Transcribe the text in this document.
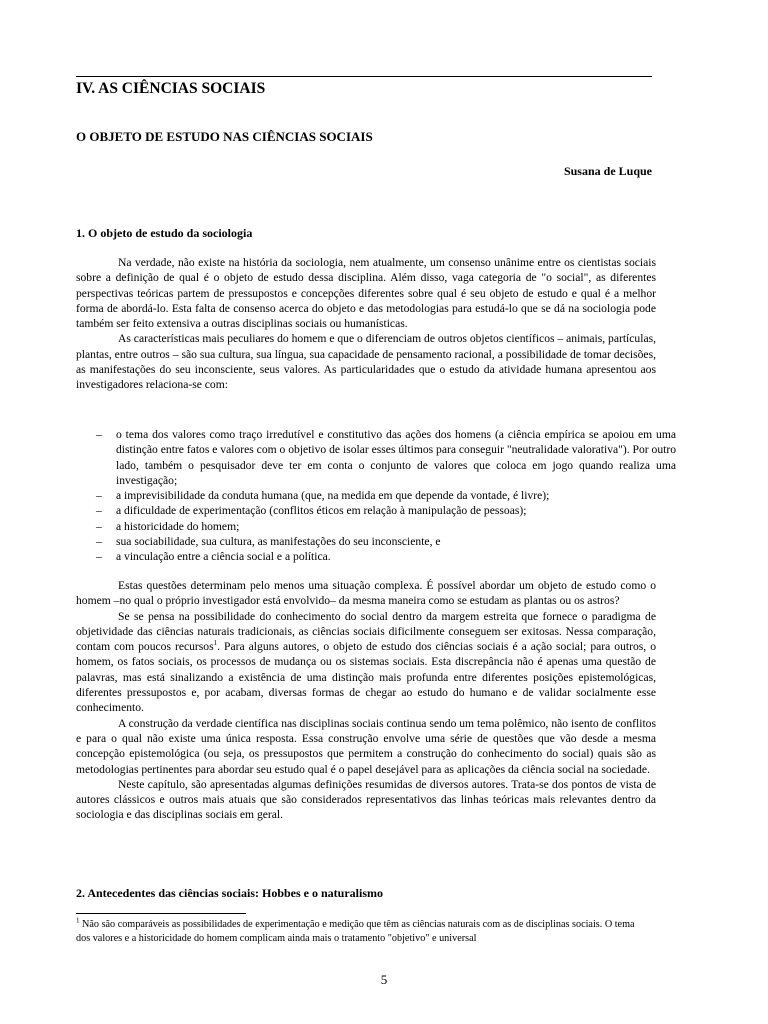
IV. AS CIÊNCIAS SOCIAIS
O OBJETO DE ESTUDO NAS CIÊNCIAS SOCIAIS

Susana de Luque

1. O objeto de estudo da sociologia

Na verdade, não existe na história da sociologia, nem atualmente, um consenso unânime entre os cientistas sociais sobre a definição de qual é o objeto de estudo dessa disciplina. Além disso, vaga categoria de "o social", as diferentes perspectivas teóricas partem de pressupostos e concepções diferentes sobre qual é seu objeto de estudo e qual é a melhor forma de abordá-lo. Esta falta de consenso acerca do objeto e das metodologias para estudá-lo que se dá na sociologia pode também ser feito extensiva a outras disciplinas sociais ou humanísticas.

As características mais peculiares do homem e que o diferenciam de outros objetos científicos – animais, partículas, plantas, entre outros – são sua cultura, sua língua, sua capacidade de pensamento racional, a possibilidade de tomar decisões, as manifestações do seu inconsciente, seus valores. As particularidades que o estudo da atividade humana apresentou aos investigadores relaciona-se com:

– o tema dos valores como traço irredutível e constitutivo das ações dos homens (a ciência empírica se apoiou em uma distinção entre fatos e valores com o objetivo de isolar esses últimos para conseguir "neutralidade valorativa"). Por outro lado, também o pesquisador deve ter em conta o conjunto de valores que coloca em jogo quando realiza uma investigação;
– a imprevisibilidade da conduta humana (que, na medida em que depende da vontade, é livre);
– a dificuldade de experimentação (conflitos éticos em relação à manipulação de pessoas);
– a historicidade do homem;
– sua sociabilidade, sua cultura, as manifestações do seu inconsciente, e
– a vinculação entre a ciência social e a política.

Estas questões determinam pelo menos uma situação complexa. É possível abordar um objeto de estudo como o homem –no qual o próprio investigador está envolvido– da mesma maneira como se estudam as plantas ou os astros?

Se se pensa na possibilidade do conhecimento do social dentro da margem estreita que fornece o paradigma de objetividade das ciências naturais tradicionais, as ciências sociais dificilmente conseguem ser exitosas. Nessa comparação, contam com poucos recursos$^1$. Para alguns autores, o objeto de estudo dos ciências sociais é a ação social; para outros, o homem, os fatos sociais, os processos de mudança ou os sistemas sociais. Esta discrepância não é apenas uma questão de palavras, mas está sinalizando a existência de uma distinção mais profunda entre diferentes posições epistemológicas, diferentes pressupostos e, por acabam, diversas formas de chegar ao estudo do humano e de validar socialmente esse conhecimento.

A construção da verdade científica nas disciplinas sociais continua sendo um tema polêmico, não isento de conflitos e para o qual não existe uma única resposta. Essa construção envolve uma série de questões que vão desde a mesma concepção epistemológica (ou seja, os pressupostos que permitem a construção do conhecimento do social) quais são as metodologias pertinentes para abordar seu estudo qual é o papel desejável para as aplicações da ciência social na sociedade.

Neste capítulo, são apresentadas algumas definições resumidas de diversos autores. Trata-se dos pontos de vista de autores clássicos e outros mais atuais que são considerados representativos das linhas teóricas mais relevantes dentro da sociologia e das disciplinas sociais em geral.

2. Antecedentes das ciências sociais: Hobbes e o naturalismo

$^1$ Não são comparáveis as possibilidades de experimentação e medição que têm as ciências naturais com as de disciplinas sociais. O tema dos valores e a historicidade do homem complicam ainda mais o tratamento "objetivo" e universal

5
